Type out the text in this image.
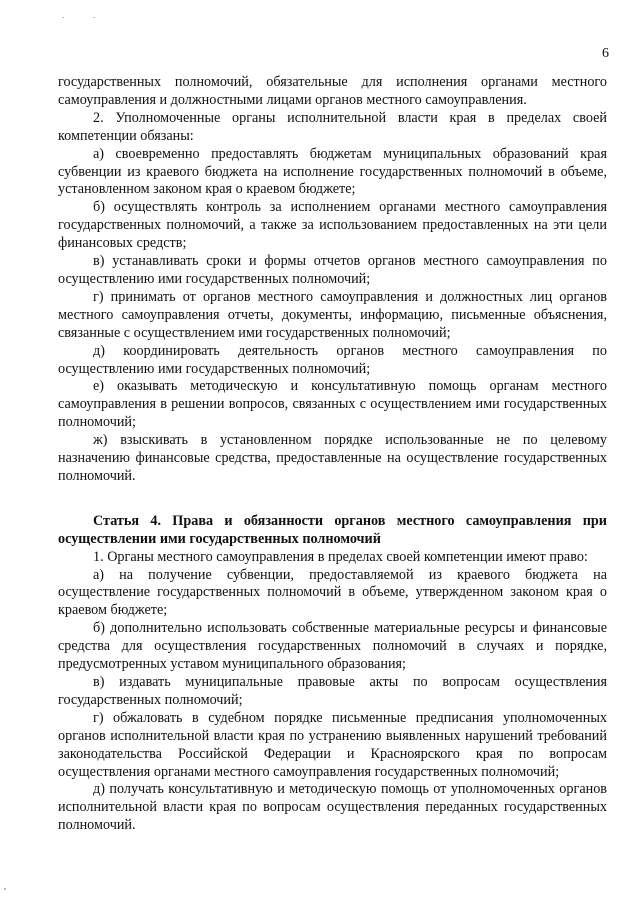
6

государственных полномочий, обязательные для исполнения органами местного самоуправления и должностными лицами органов местного самоуправления.

2. Уполномоченные органы исполнительной власти края в пределах своей компетенции обязаны:

а) своевременно предоставлять бюджетам муниципальных образований края субвенции из краевого бюджета на исполнение государственных полномочий в объеме, установленном законом края о краевом бюджете;

б) осуществлять контроль за исполнением органами местного самоуправления государственных полномочий, а также за использованием предоставленных на эти цели финансовых средств;

в) устанавливать сроки и формы отчетов органов местного самоуправления по осуществлению ими государственных полномочий;

г) принимать от органов местного самоуправления и должностных лиц органов местного самоуправления отчеты, документы, информацию, письменные объяснения, связанные с осуществлением ими государственных полномочий;

д) координировать деятельность органов местного самоуправления по осуществлению ими государственных полномочий;

е) оказывать методическую и консультативную помощь органам местного самоуправления в решении вопросов, связанных с осуществлением ими государственных полномочий;

ж) взыскивать в установленном порядке использованные не по целевому назначению финансовые средства, предоставленные на осуществление государственных полномочий.

Статья 4. Права и обязанности органов местного самоуправления при осуществлении ими государственных полномочий

1. Органы местного самоуправления в пределах своей компетенции имеют право:

а) на получение субвенции, предоставляемой из краевого бюджета на осуществление государственных полномочий в объеме, утвержденном законом края о краевом бюджете;

б) дополнительно использовать собственные материальные ресурсы и финансовые средства для осуществления государственных полномочий в случаях и порядке, предусмотренных уставом муниципального образования;

в) издавать муниципальные правовые акты по вопросам осуществления государственных полномочий;

г) обжаловать в судебном порядке письменные предписания уполномоченных органов исполнительной власти края по устранению выявленных нарушений требований законодательства Российской Федерации и Красноярского края по вопросам осуществления органами местного самоуправления государственных полномочий;

д) получать консультативную и методическую помощь от уполномоченных органов исполнительной власти края по вопросам осуществления переданных государственных полномочий.
